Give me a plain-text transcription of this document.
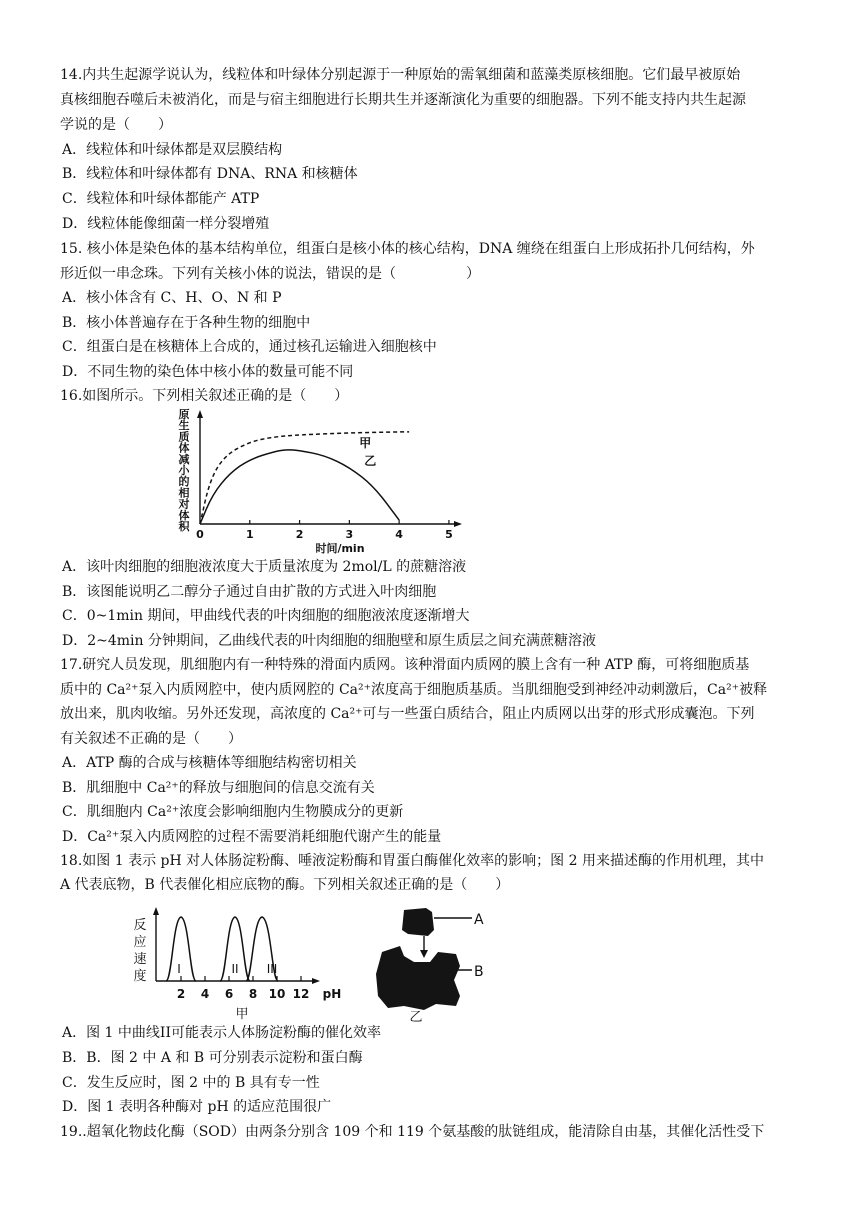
14.内共生起源学说认为，线粒体和叶绿体分别起源于一种原始的需氧细菌和蓝藻类原核细胞。它们最早被原始
真核细胞吞噬后未被消化，而是与宿主细胞进行长期共生并逐渐演化为重要的细胞器。下列不能支持内共生起源
学说的是（　　）
A．线粒体和叶绿体都是双层膜结构
B．线粒体和叶绿体都有 DNA、RNA 和核糖体
C．线粒体和叶绿体都能产 ATP
D．线粒体能像细菌一样分裂增殖
15. 核小体是染色体的基本结构单位，组蛋白是核小体的核心结构，DNA 缠绕在组蛋白上形成拓扑几何结构，外
形近似一串念珠。下列有关核小体的说法，错误的是（　　　　　）
A．核小体含有 C、H、O、N 和 P
B．核小体普遍存在于各种生物的细胞中
C．组蛋白是在核糖体上合成的，通过核孔运输进入细胞核中
D．不同生物的染色体中核小体的数量可能不同
16.如图所示。下列相关叙述正确的是（　　）
原
生
质
体
减
小
的
相
对
体
积
0	1	2	3	4	5
甲
乙
时间/min
A．该叶肉细胞的细胞液浓度大于质量浓度为 2mol/L 的蔗糖溶液
B．该图能说明乙二醇分子通过自由扩散的方式进入叶肉细胞
C．0~1min 期间，甲曲线代表的叶肉细胞的细胞液浓度逐渐增大
D．2~4min 分钟期间，乙曲线代表的叶肉细胞的细胞壁和原生质层之间充满蔗糖溶液
17.研究人员发现，肌细胞内有一种特殊的滑面内质网。该种滑面内质网的膜上含有一种 ATP 酶，可将细胞质基
质中的 Ca²⁺泵入内质网腔中，使内质网腔的 Ca²⁺浓度高于细胞质基质。当肌细胞受到神经冲动刺激后，Ca²⁺被释
放出来，肌肉收缩。另外还发现，高浓度的 Ca²⁺可与一些蛋白质结合，阻止内质网以出芽的形式形成囊泡。下列
有关叙述不正确的是（　　）
A．ATP 酶的合成与核糖体等细胞结构密切相关
B．肌细胞中 Ca²⁺的释放与细胞间的信息交流有关
C．肌细胞内 Ca²⁺浓度会影响细胞内生物膜成分的更新
D．Ca²⁺泵入内质网腔的过程不需要消耗细胞代谢产生的能量
18.如图 1 表示 pH 对人体肠淀粉酶、唾液淀粉酶和胃蛋白酶催化效率的影响；图 2 用来描述酶的作用机理，其中
A 代表底物，B 代表催化相应底物的酶。下列相关叙述正确的是（　　）
反
应
速
度
2 4 6 8 10 12 pH
I	II III
甲
A
B
乙
A．图 1 中曲线II可能表示人体肠淀粉酶的催化效率
B．B．图 2 中 A 和 B 可分别表示淀粉和蛋白酶
C．发生反应时，图 2 中的 B 具有专一性
D．图 1 表明各种酶对 pH 的适应范围很广
19..超氧化物歧化酶（SOD）由两条分别含 109 个和 119 个氨基酸的肽链组成，能清除自由基，其催化活性受下
